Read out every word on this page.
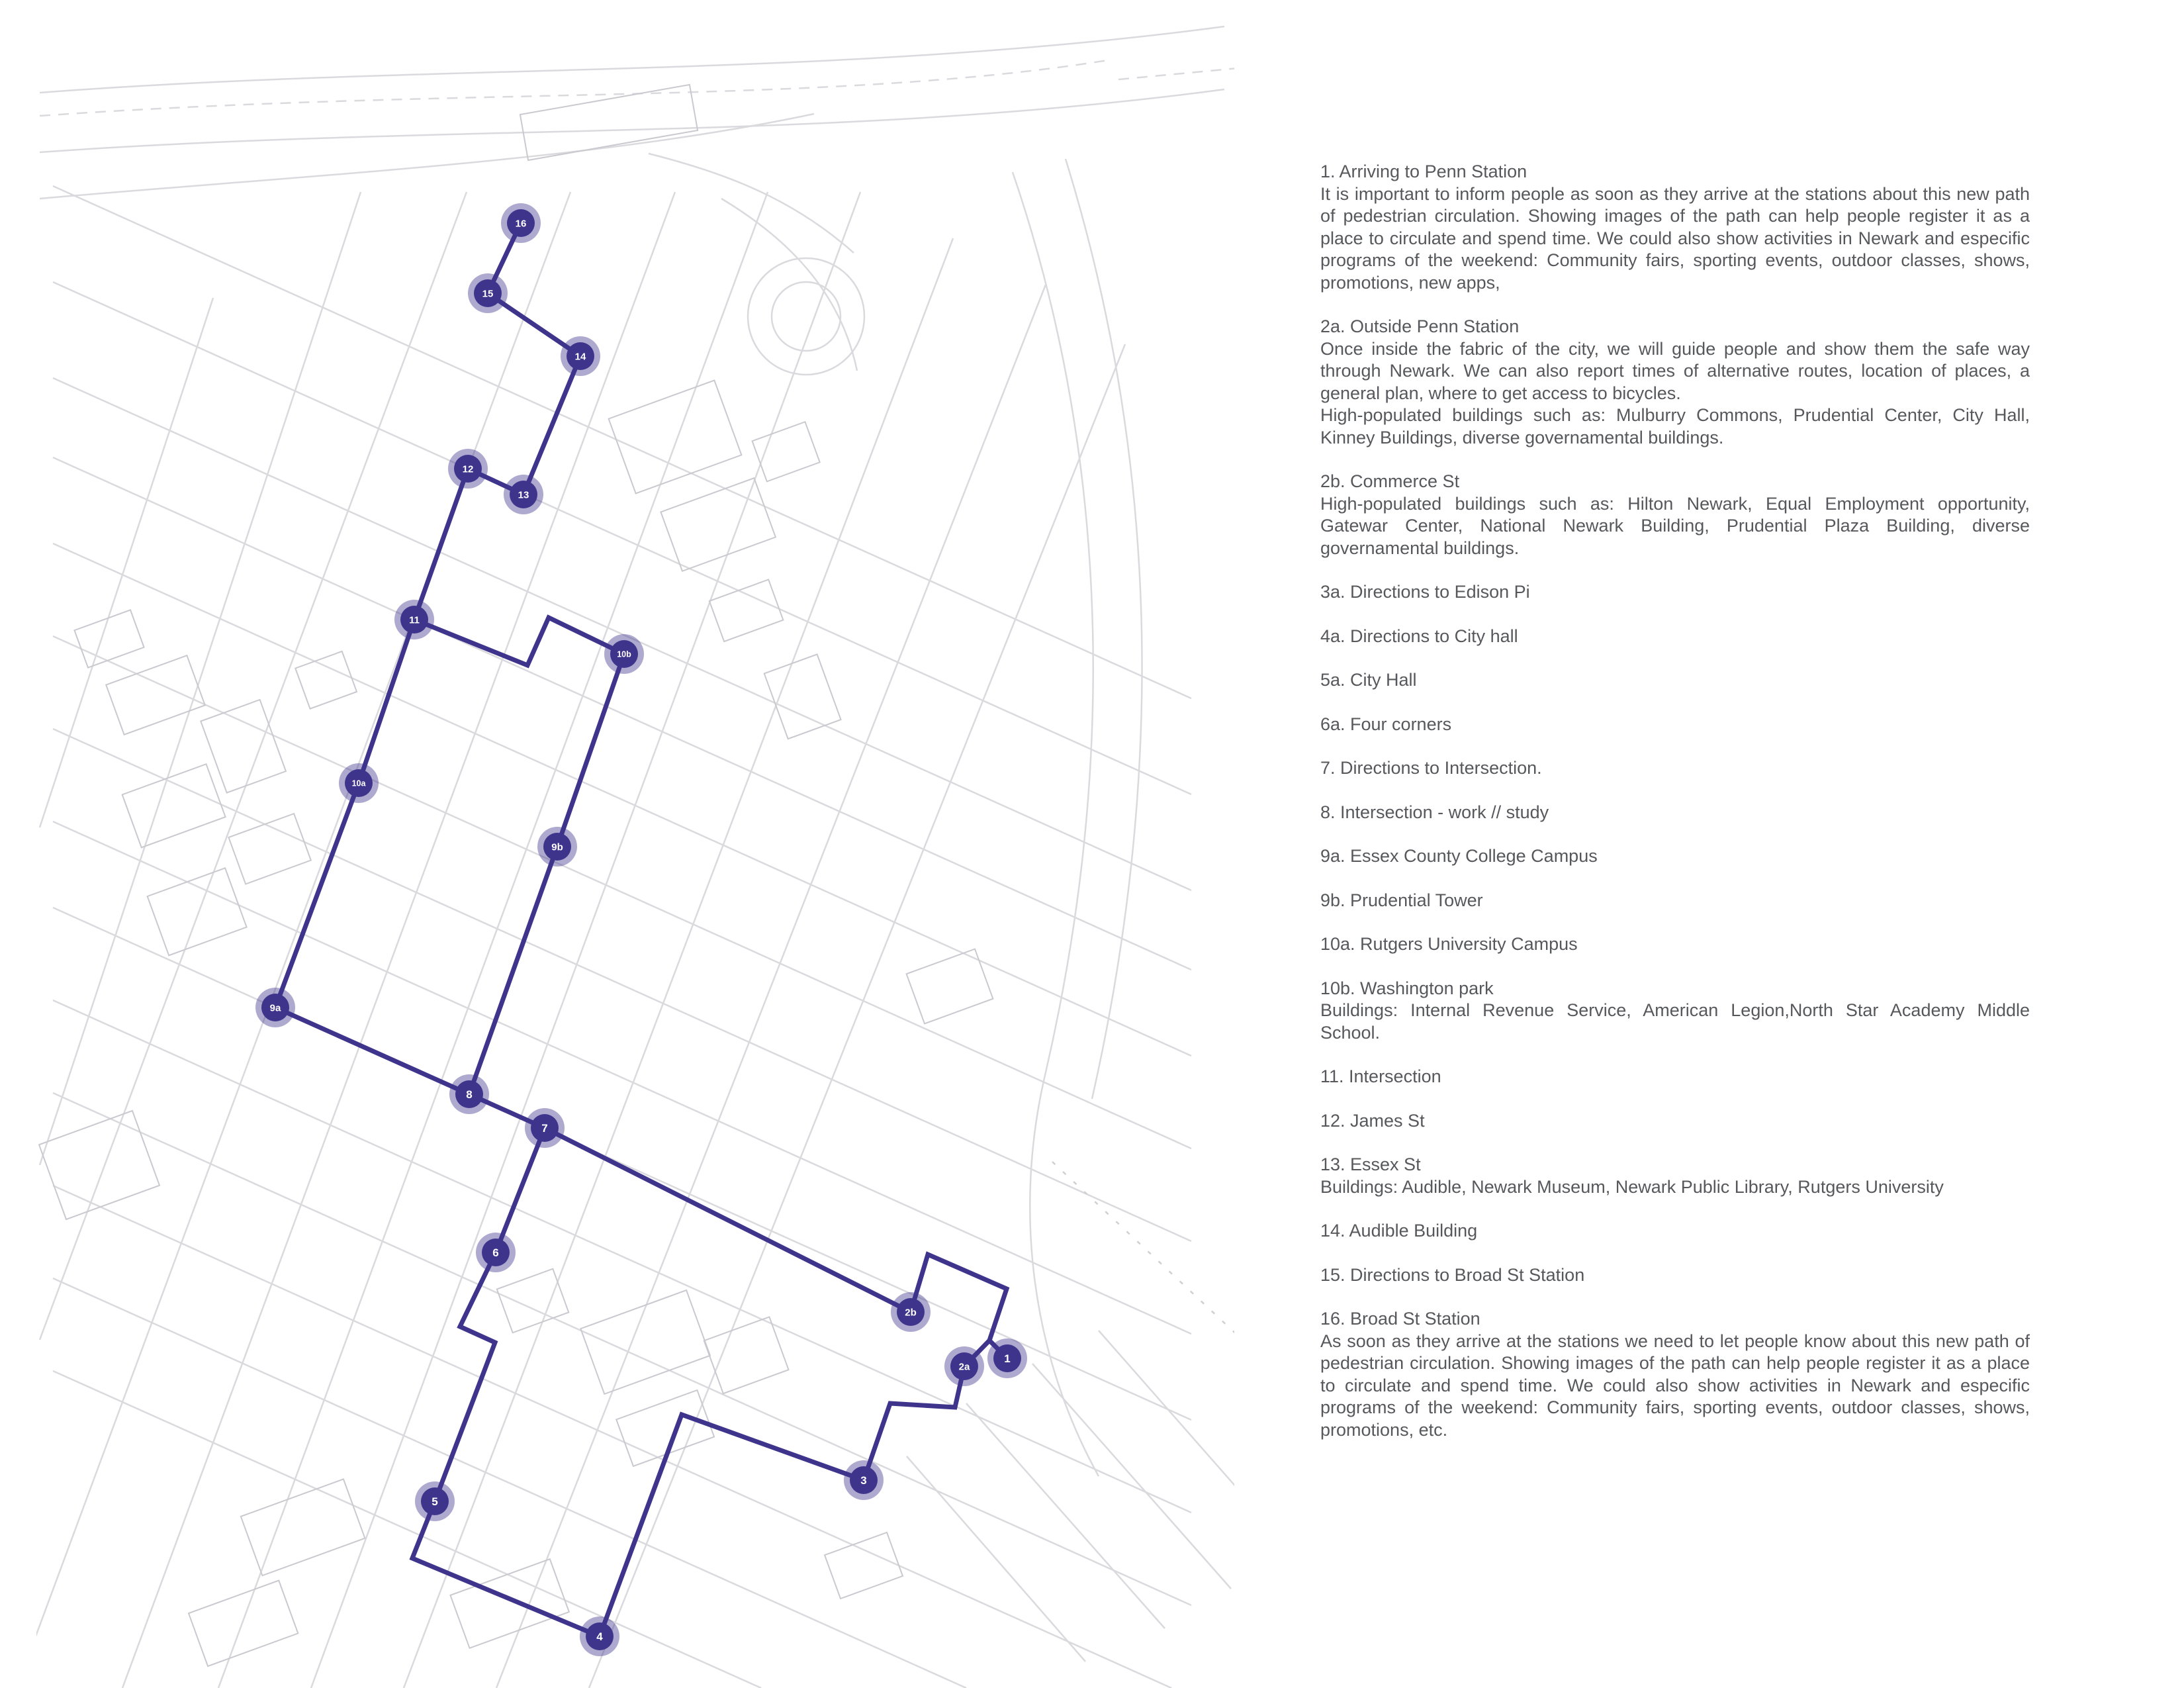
16
15
14
13
12
11
10b
10a
9b
9a
8
7
6
5
4
3
2b
2a
1
1. Arriving to Penn Station
It is important to inform people as soon as they arrive at the stations about this new path of pedestrian circulation. Showing images of the path can help people register it as a place to circulate and spend time. We could also show activities in Newark and especific programs of the weekend: Community fairs, sporting events, outdoor classes, shows, promotions, new apps,
2a. Outside Penn Station
Once inside the fabric of the city, we will guide people and show them the safe way through Newark. We can also report times of alternative routes, location of places, a general plan, where to get access to bicycles.
High-populated buildings such as: Mulburry Commons, Prudential Center, City Hall, Kinney Buildings, diverse governamental buildings.
2b. Commerce St
High-populated buildings such as: Hilton Newark, Equal Employment opportunity, Gatewar Center, National Newark Building, Prudential Plaza Building, diverse governamental buildings.
3a. Directions to Edison Pi
4a. Directions to City hall
5a. City Hall
6a. Four corners
7. Directions to Intersection.
8. Intersection - work // study
9a. Essex County College Campus
9b. Prudential Tower
10a. Rutgers University Campus
10b. Washington park
Buildings: Internal Revenue Service, American Legion,North Star Academy Middle School.
11. Intersection
12. James St
13. Essex St
Buildings: Audible, Newark Museum, Newark Public Library, Rutgers University
14. Audible Building
15. Directions to Broad St Station
16. Broad St Station
As soon as they arrive at the stations we need to let people know about this new path of pedestrian circulation. Showing images of the path can help people register it as a place to circulate and spend time. We could also show activities in Newark and especific programs of the weekend: Community fairs, sporting events, outdoor classes, shows, promotions, etc.
